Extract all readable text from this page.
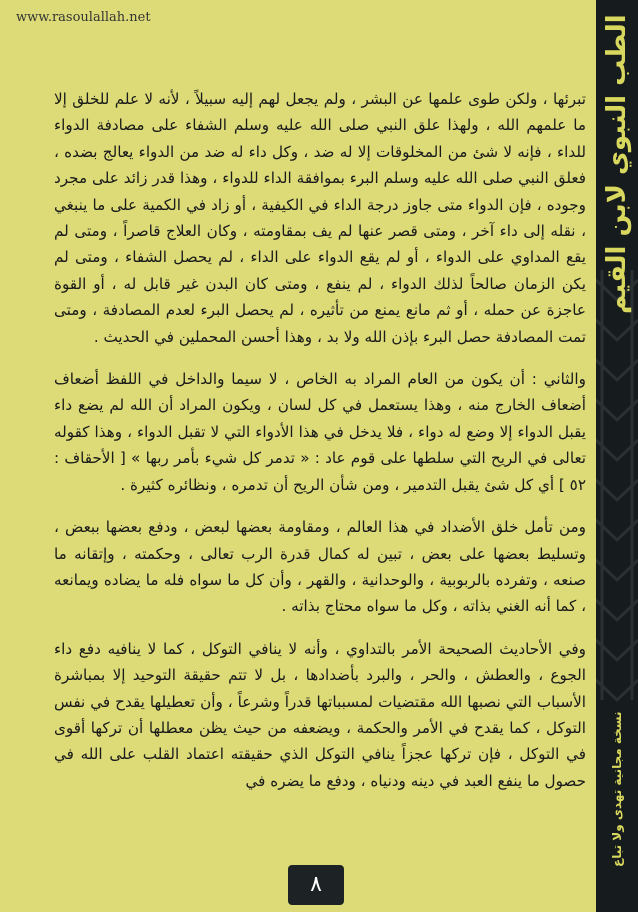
www.rasoulallah.net	الطب النبوي لابن القيم
نسخة مجانية تهدى ولا تباع

تبرئها ، ولكن طوى علمها عن البشر ، ولم يجعل لهم إليه سبيلاً ، لأنه لا علم للخلق إلا ما علمهم الله ، ولهذا علق النبي صلى الله عليه وسلم الشفاء على مصادفة الدواء للداء ، فإنه لا شئ من المخلوقات إلا له ضد ، وكل داء له ضد من الدواء يعالج بضده ، فعلق النبي صلى الله عليه وسلم البرء بموافقة الداء للدواء ، وهذا قدر زائد على مجرد وجوده ، فإن الدواء متى جاوز درجة الداء في الكيفية ، أو زاد في الكمية على ما ينبغي ، نقله إلى داء آخر ، ومتى قصر عنها لم يف بمقاومته ، وكان العلاج قاصراً ، ومتى لم يقع المداوي على الدواء ، أو لم يقع الدواء على الداء ، لم يحصل الشفاء ، ومتى لم يكن الزمان صالحاً لذلك الدواء ، لم ينفع ، ومتى كان البدن غير قابل له ، أو القوة عاجزة عن حمله ، أو ثم مانع يمنع من تأثيره ، لم يحصل البرء لعدم المصادفة ، ومتى تمت المصادفة حصل البرء بإذن الله ولا بد ، وهذا أحسن المحملين في الحديث .

والثاني : أن يكون من العام المراد به الخاص ، لا سيما والداخل في اللفظ أضعاف أضعاف الخارج منه ، وهذا يستعمل في كل لسان ، ويكون المراد أن الله لم يضع داء يقبل الدواء إلا وضع له دواء ، فلا يدخل في هذا الأدواء التي لا تقبل الدواء ، وهذا كقوله تعالى في الريح التي سلطها على قوم عاد : « تدمر كل شيء بأمر ربها » [ الأحقاف : ٥٢ ] أي كل شئ يقبل التدمير ، ومن شأن الريح أن تدمره ، ونظائره كثيرة .

ومن تأمل خلق الأضداد في هذا العالم ، ومقاومة بعضها لبعض ، ودفع بعضها ببعض ، وتسليط بعضها على بعض ، تبين له كمال قدرة الرب تعالى ، وحكمته ، وإتقانه ما صنعه ، وتفرده بالربوبية ، والوحدانية ، والقهر ، وأن كل ما سواه فله ما يضاده ويمانعه ، كما أنه الغني بذاته ، وكل ما سواه محتاج بذاته .

وفي الأحاديث الصحيحة الأمر بالتداوي ، وأنه لا ينافي التوكل ، كما لا ينافيه دفع داء الجوع ، والعطش ، والحر ، والبرد بأضدادها ، بل لا تتم حقيقة التوحيد إلا بمباشرة الأسباب التي نصبها الله مقتضيات لمسبباتها قدراً وشرعاً ، وأن تعطيلها يقدح في نفس التوكل ، كما يقدح في الأمر والحكمة ، ويضعفه من حيث يظن معطلها أن تركها أقوى في التوكل ، فإن تركها عجزاً ينافي التوكل الذي حقيقته اعتماد القلب على الله في حصول ما ينفع العبد في دينه ودنياه ، ودفع ما يضره في

٨
